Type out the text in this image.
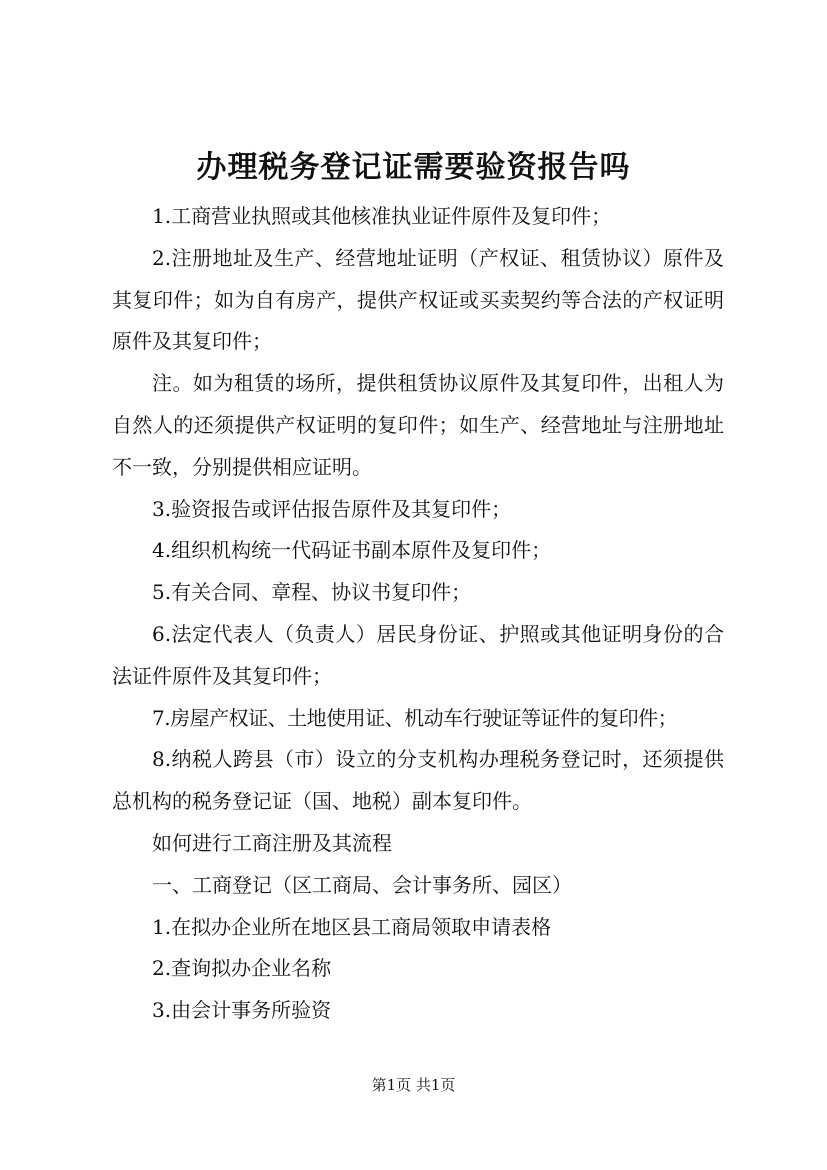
办理税务登记证需要验资报告吗

1.工商营业执照或其他核准执业证件原件及复印件；

2.注册地址及生产、经营地址证明（产权证、租赁协议）原件及其复印件；如为自有房产，提供产权证或买卖契约等合法的产权证明原件及其复印件；

注。如为租赁的场所，提供租赁协议原件及其复印件，出租人为自然人的还须提供产权证明的复印件；如生产、经营地址与注册地址不一致，分别提供相应证明。

3.验资报告或评估报告原件及其复印件；

4.组织机构统一代码证书副本原件及复印件；

5.有关合同、章程、协议书复印件；

6.法定代表人（负责人）居民身份证、护照或其他证明身份的合法证件原件及其复印件；

7.房屋产权证、土地使用证、机动车行驶证等证件的复印件；

8.纳税人跨县（市）设立的分支机构办理税务登记时，还须提供总机构的税务登记证（国、地税）副本复印件。

如何进行工商注册及其流程

一、工商登记（区工商局、会计事务所、园区）

1.在拟办企业所在地区县工商局领取申请表格

2.查询拟办企业名称

3.由会计事务所验资

第1页 共1页
